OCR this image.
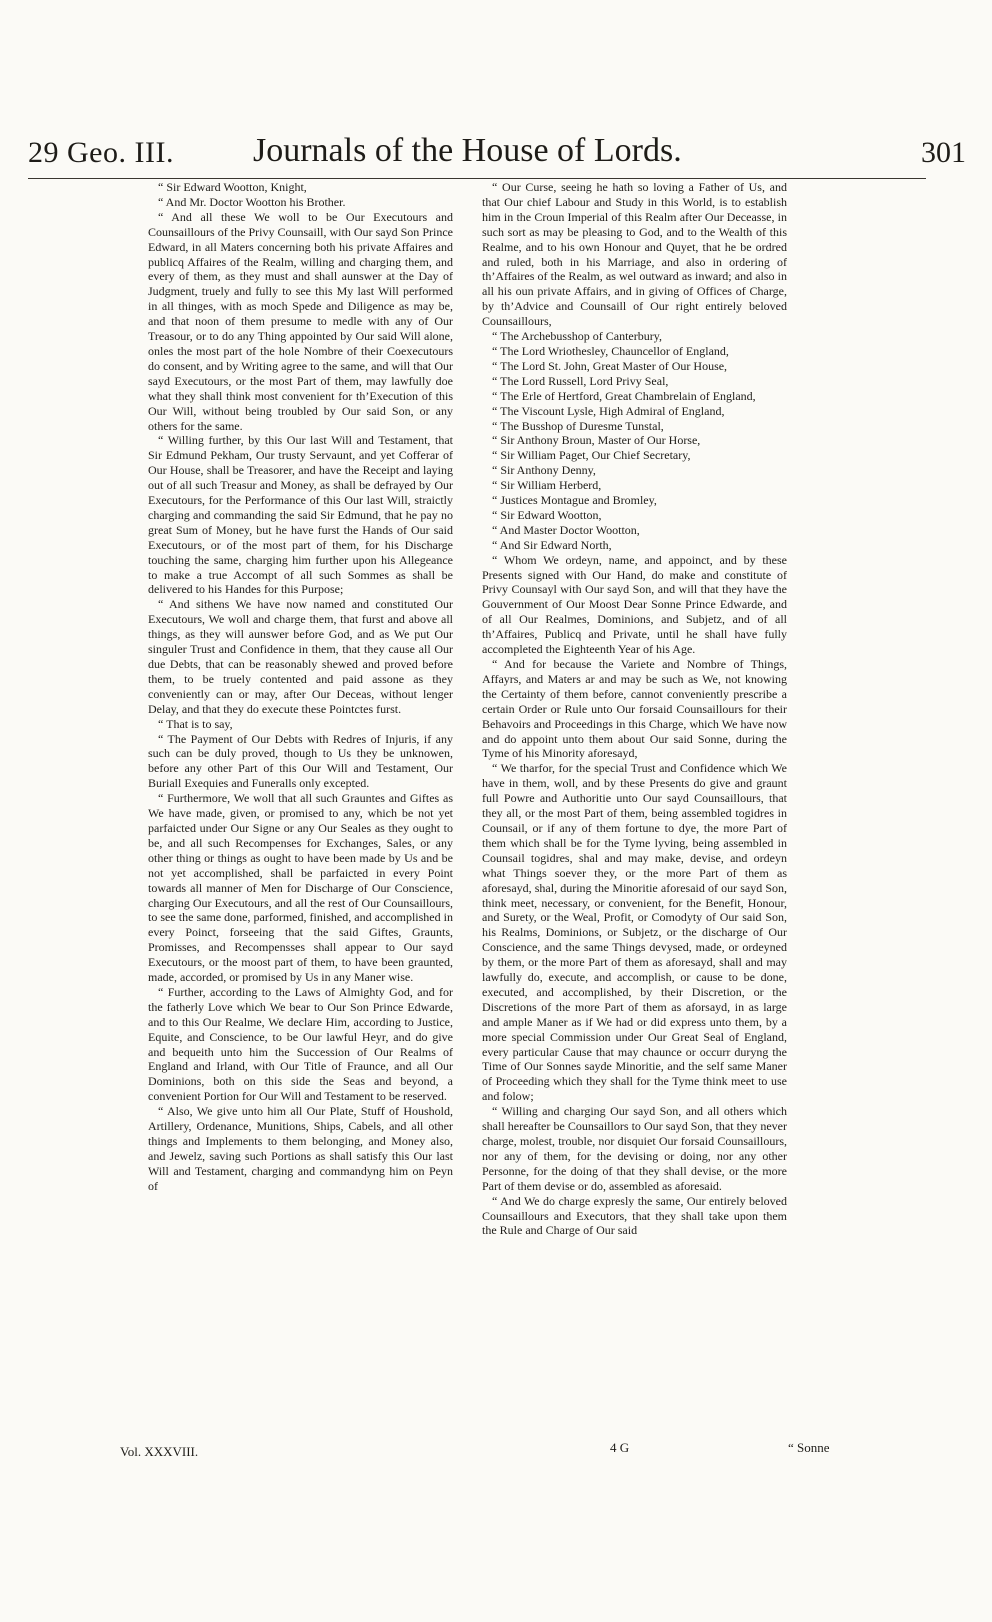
29 Geo. III. Journals of the House of Lords.	301

“ Sir Edward Wootton, Knight,

“ And Mr. Doctor Wootton his Brother.

“ And all these We woll to be Our Executours and Counsaillours of the Privy Counsaill, with Our sayd Son Prince Edward, in all Maters concerning both his private Affaires and publicq Affaires of the Realm, willing and charging them, and every of them, as they must and shall aunswer at the Day of Judgment, truely and fully to see this My last Will performed in all thinges, with as moch Spede and Diligence as may be, and that noon of them presume to medle with any of Our Treasour, or to do any Thing appointed by Our said Will alone, onles the most part of the hole Nombre of their Coexecutours do consent, and by Writing agree to the same, and will that Our sayd Executours, or the most Part of them, may lawfully doe what they shall think most convenient for th’Execution of this Our Will, without being troubled by Our said Son, or any others for the same.

“ Willing further, by this Our last Will and Testament, that Sir Edmund Pekham, Our trusty Servaunt, and yet Cofferar of Our House, shall be Treasorer, and have the Receipt and laying out of all such Treasur and Money, as shall be defrayed by Our Executours, for the Performance of this Our last Will, straictly charging and commanding the said Sir Edmund, that he pay no great Sum of Money, but he have furst the Hands of Our said Executours, or of the most part of them, for his Discharge touching the same, charging him further upon his Allegeance to make a true Accompt of all such Sommes as shall be delivered to his Handes for this Purpose;

“ And sithens We have now named and constituted Our Executours, We woll and charge them, that furst and above all things, as they will aunswer before God, and as We put Our singuler Trust and Confidence in them, that they cause all Our due Debts, that can be reasonably shewed and proved before them, to be truely contented and paid assone as they conveniently can or may, after Our Deceas, without lenger Delay, and that they do execute these Pointctes furst.

“ That is to say,

“ The Payment of Our Debts with Redres of Injuris, if any such can be duly proved, though to Us they be unknowen, before any other Part of this Our Will and Testament, Our Buriall Exequies and Funeralls only excepted.

“ Furthermore, We woll that all such Grauntes and Giftes as We have made, given, or promised to any, which be not yet parfaicted under Our Signe or any Our Seales as they ought to be, and all such Recompenses for Exchanges, Sales, or any other thing or things as ought to have been made by Us and be not yet accomplished, shall be parfaicted in every Point towards all manner of Men for Discharge of Our Conscience, charging Our Executours, and all the rest of Our Counsaillours, to see the same done, parformed, finished, and accomplished in every Poinct, forseeing that the said Giftes, Graunts, Promisses, and Recompensses shall appear to Our sayd Executours, or the moost part of them, to have been graunted, made, accorded, or promised by Us in any Maner wise.

“ Further, according to the Laws of Almighty God, and for the fatherly Love which We bear to Our Son Prince Edwarde, and to this Our Realme, We declare Him, according to Justice, Equite, and Conscience, to be Our lawful Heyr, and do give and bequeith unto him the Succession of Our Realms of England and Irland, with Our Title of Fraunce, and all Our Dominions, both on this side the Seas and beyond, a convenient Portion for Our Will and Testament to be reserved.

“ Also, We give unto him all Our Plate, Stuff of Houshold, Artillery, Ordenance, Munitions, Ships, Cabels, and all other things and Implements to them belonging, and Money also, and Jewelz, saving such Portions as shall satisfy this Our last Will and Testament, charging and commandyng him on Peyn of

“ Our Curse, seeing he hath so loving a Father of Us, and that Our chief Labour and Study in this World, is to establish him in the Croun Imperial of this Realm after Our Deceasse, in such sort as may be pleasing to God, and to the Wealth of this Realme, and to his own Honour and Quyet, that he be ordred and ruled, both in his Marriage, and also in ordering of th’Affaires of the Realm, as wel outward as inward; and also in all his oun private Affairs, and in giving of Offices of Charge, by th’Advice and Counsaill of Our right entirely beloved Counsaillours,

“ The Archebusshop of Canterbury,

“ The Lord Wriothesley, Chauncellor of England,

“ The Lord St. John, Great Master of Our House,

“ The Lord Russell, Lord Privy Seal,

“ The Erle of Hertford, Great Chambrelain of England,

“ The Viscount Lysle, High Admiral of England,

“ The Busshop of Duresme Tunstal,

“ Sir Anthony Broun, Master of Our Horse,

“ Sir William Paget, Our Chief Secretary,

“ Sir Anthony Denny,

“ Sir William Herberd,

“ Justices Montague and Bromley,

“ Sir Edward Wootton,

“ And Master Doctor Wootton,

“ And Sir Edward North,

“ Whom We ordeyn, name, and appoinct, and by these Presents signed with Our Hand, do make and constitute of Privy Counsayl with Our sayd Son, and will that they have the Gouvernment of Our Moost Dear Sonne Prince Edwarde, and of all Our Realmes, Dominions, and Subjetz, and of all th’Affaires, Publicq and Private, until he shall have fully accompleted the Eighteenth Year of his Age.

“ And for because the Variete and Nombre of Things, Affayrs, and Maters ar and may be such as We, not knowing the Certainty of them before, cannot conveniently prescribe a certain Order or Rule unto Our forsaid Counsaillours for their Behavoirs and Proceedings in this Charge, which We have now and do appoint unto them about Our said Sonne, during the Tyme of his Minority aforesayd,

“ We tharfor, for the special Trust and Confidence which We have in them, woll, and by these Presents do give and graunt full Powre and Authoritie unto Our sayd Counsaillours, that they all, or the most Part of them, being assembled togidres in Counsail, or if any of them fortune to dye, the more Part of them which shall be for the Tyme lyving, being assembled in Counsail togidres, shal and may make, devise, and ordeyn what Things soever they, or the more Part of them as aforesayd, shal, during the Minoritie aforesaid of our sayd Son, think meet, necessary, or convenient, for the Benefit, Honour, and Surety, or the Weal, Profit, or Comodyty of Our said Son, his Realms, Dominions, or Subjetz, or the discharge of Our Conscience, and the same Things devysed, made, or ordeyned by them, or the more Part of them as aforesayd, shall and may lawfully do, execute, and accomplish, or cause to be done, executed, and accomplished, by their Discretion, or the Discretions of the more Part of them as aforsayd, in as large and ample Maner as if We had or did express unto them, by a more special Commission under Our Great Seal of England, every particular Cause that may chaunce or occurr duryng the Time of Our Sonnes sayde Minoritie, and the self same Maner of Proceeding which they shall for the Tyme think meet to use and folow;

“ Willing and charging Our sayd Son, and all others which shall hereafter be Counsaillors to Our sayd Son, that they never charge, molest, trouble, nor disquiet Our forsaid Counsaillours, nor any of them, for the devising or doing, nor any other Personne, for the doing of that they shall devise, or the more Part of them devise or do, assembled as aforesaid.

“ And We do charge expresly the same, Our entirely beloved Counsaillours and Executors, that they shall take upon them the Rule and Charge of Our said

Vol. XXXVIII.	4 G	“ Sonne
